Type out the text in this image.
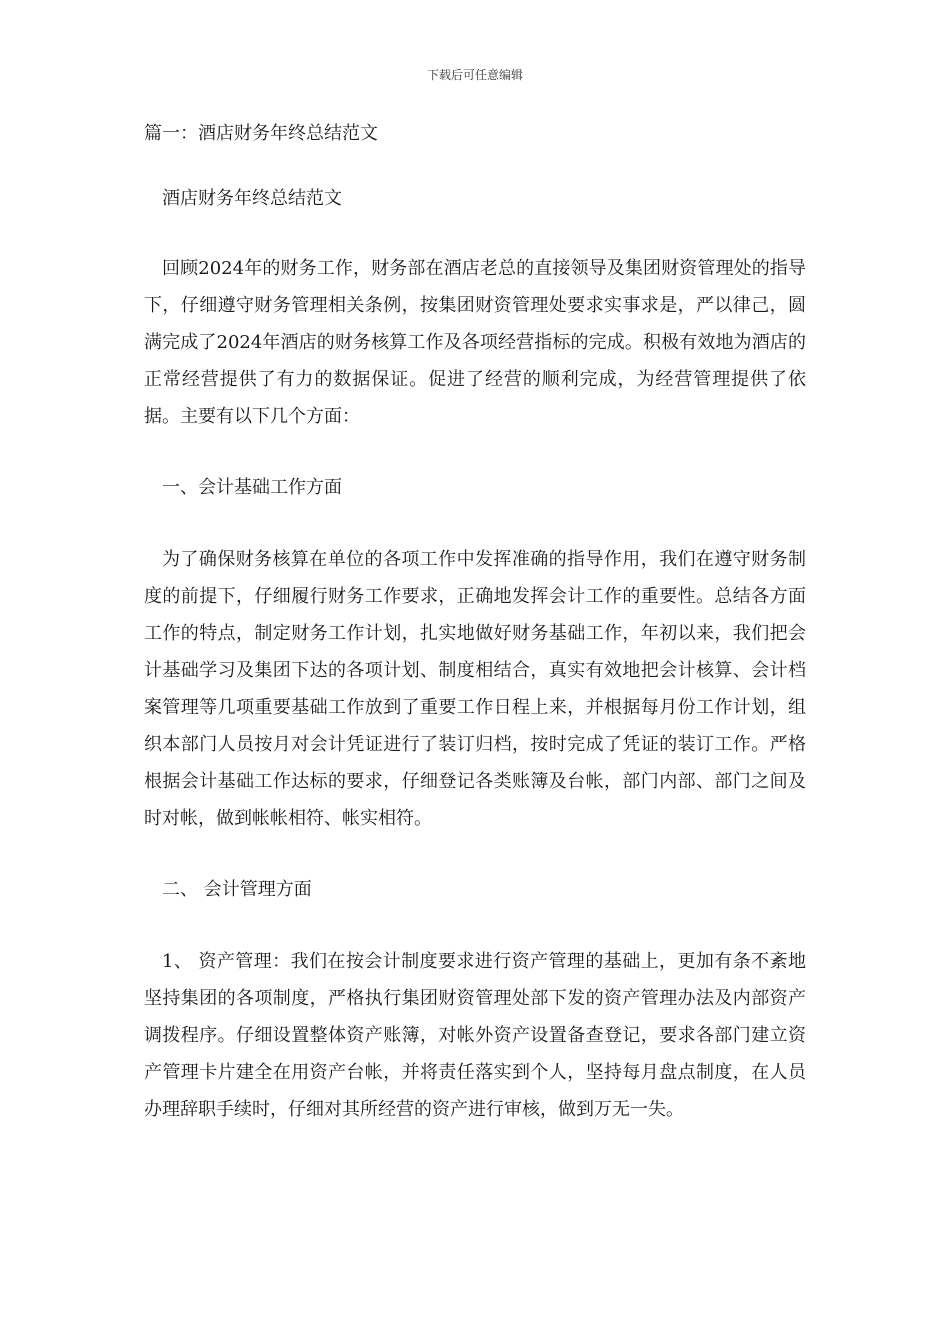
下载后可任意编辑

篇一：酒店财务年终总结范文

酒店财务年终总结范文

回顾2024年的财务工作，财务部在酒店老总的直接领导及集团财资管理处的指导下，仔细遵守财务管理相关条例，按集团财资管理处要求实事求是，严以律己，圆满完成了2024年酒店的财务核算工作及各项经营指标的完成。积极有效地为酒店的正常经营提供了有力的数据保证。促进了经营的顺利完成，为经营管理提供了依据。主要有以下几个方面：

一、会计基础工作方面

为了确保财务核算在单位的各项工作中发挥准确的指导作用，我们在遵守财务制度的前提下，仔细履行财务工作要求，正确地发挥会计工作的重要性。总结各方面工作的特点，制定财务工作计划，扎实地做好财务基础工作，年初以来，我们把会计基础学习及集团下达的各项计划、制度相结合，真实有效地把会计核算、会计档案管理等几项重要基础工作放到了重要工作日程上来，并根据每月份工作计划，组织本部门人员按月对会计凭证进行了装订归档，按时完成了凭证的装订工作。严格根据会计基础工作达标的要求，仔细登记各类账簿及台帐，部门内部、部门之间及时对帐，做到帐帐相符、帐实相符。

二、 会计管理方面

1、 资产管理：我们在按会计制度要求进行资产管理的基础上，更加有条不紊地坚持集团的各项制度，严格执行集团财资管理处部下发的资产管理办法及内部资产调拨程序。仔细设置整体资产账簿，对帐外资产设置备查登记，要求各部门建立资产管理卡片建全在用资产台帐，并将责任落实到个人，坚持每月盘点制度，在人员办理辞职手续时，仔细对其所经营的资产进行审核，做到万无一失。
